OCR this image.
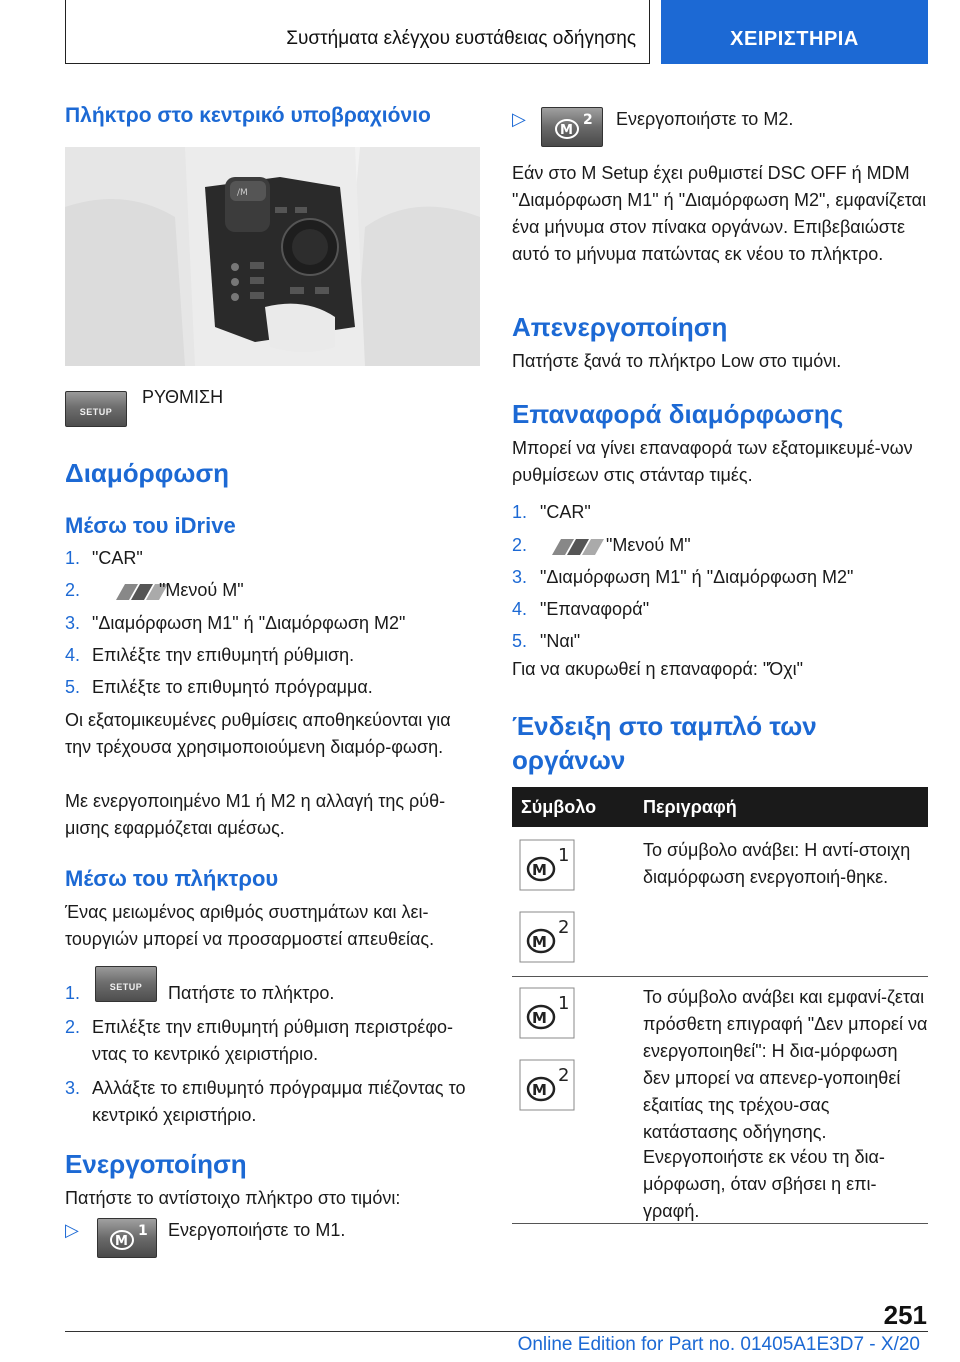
Συστήματα ελέγχου ευστάθειας οδήγησης	ΧΕΙΡΙΣΤΗΡΙΑ
Πλήκτρο στο κεντρικό υποβραχιόνιο
/M
SETUP

ΡΥΘΜΙΣΗ

Διαμόρφωση
Μέσω του iDrive
1. "CAR"
2.	"Μενού M"
3. "Διαμόρφωση M1" ή "Διαμόρφωση M2"
4. Επιλέξτε την επιθυμητή ρύθμιση.
5. Επιλέξτε το επιθυμητό πρόγραμμα.

Οι εξατομικευμένες ρυθμίσεις αποθηκεύονται για την τρέχουσα χρησιμοποιούμενη διαμόρ-φωση.

Με ενεργοποιημένο M1 ή M2 η αλλαγή της ρύθ-μισης εφαρμόζεται αμέσως.

Μέσω του πλήκτρου

Ένας μειωμένος αριθμός συστημάτων και λει-τουργιών μπορεί να προσαρμοστεί απευθείας.

1.	SETUP	Πατήστε το πλήκτρο.

2. Επιλέξτε την επιθυμητή ρύθμιση περιστρέφο-ντας το κεντρικό χειριστήριο.
3. Αλλάξτε το επιθυμητό πρόγραμμα πιέζοντας το κεντρικό χειριστήριο.
Ενεργοποίηση

Πατήστε το αντίστοιχο πλήκτρο στο τιμόνι:

▷
M
1 Ενεργοποιήστε το M1.

▷
M
2 Ενεργοποιήστε το M2.

Εάν στο M Setup έχει ρυθμιστεί DSC OFF ή MDM "Διαμόρφωση M1" ή "Διαμόρφωση M2", εμφανίζεται ένα μήνυμα στον πίνακα οργάνων. Επιβεβαιώστε αυτό το μήνυμα πατώντας εκ νέου το πλήκτρο.

Απενεργοποίηση

Πατήστε ξανά το πλήκτρο Low στο τιμόνι.

Επαναφορά διαμόρφωσης

Μπορεί να γίνει επαναφορά των εξατομικευμέ-νων ρυθμίσεων στις στάνταρ τιμές.

1. "CAR"
2.	"Μενού M"
3. "Διαμόρφωση M1" ή "Διαμόρφωση M2"
4. "Επαναφορά"
5. "Ναι"

Για να ακυρωθεί η επαναφορά: "Όχι"

Ένδειξη στο ταμπλό των
οργάνων
Σύμβολο	Περιγραφή
M
1
M
2

Το σύμβολο ανάβει: Η αντί-στοιχη διαμόρφωση ενεργοποιή-θηκε.

M
1
M
2

Το σύμβολο ανάβει και εμφανί-ζεται πρόσθετη επιγραφή "Δεν μπορεί να ενεργοποιηθεί": Η δια-μόρφωση δεν μπορεί να απενερ-γοποιηθεί εξαιτίας της τρέχου-σας κατάστασης οδήγησης.

Ενεργοποιήστε εκ νέου τη δια-μόρφωση, όταν σβήσει η επι-γραφή.

251
Online Edition for Part no. 01405A1E3D7 - X/20
